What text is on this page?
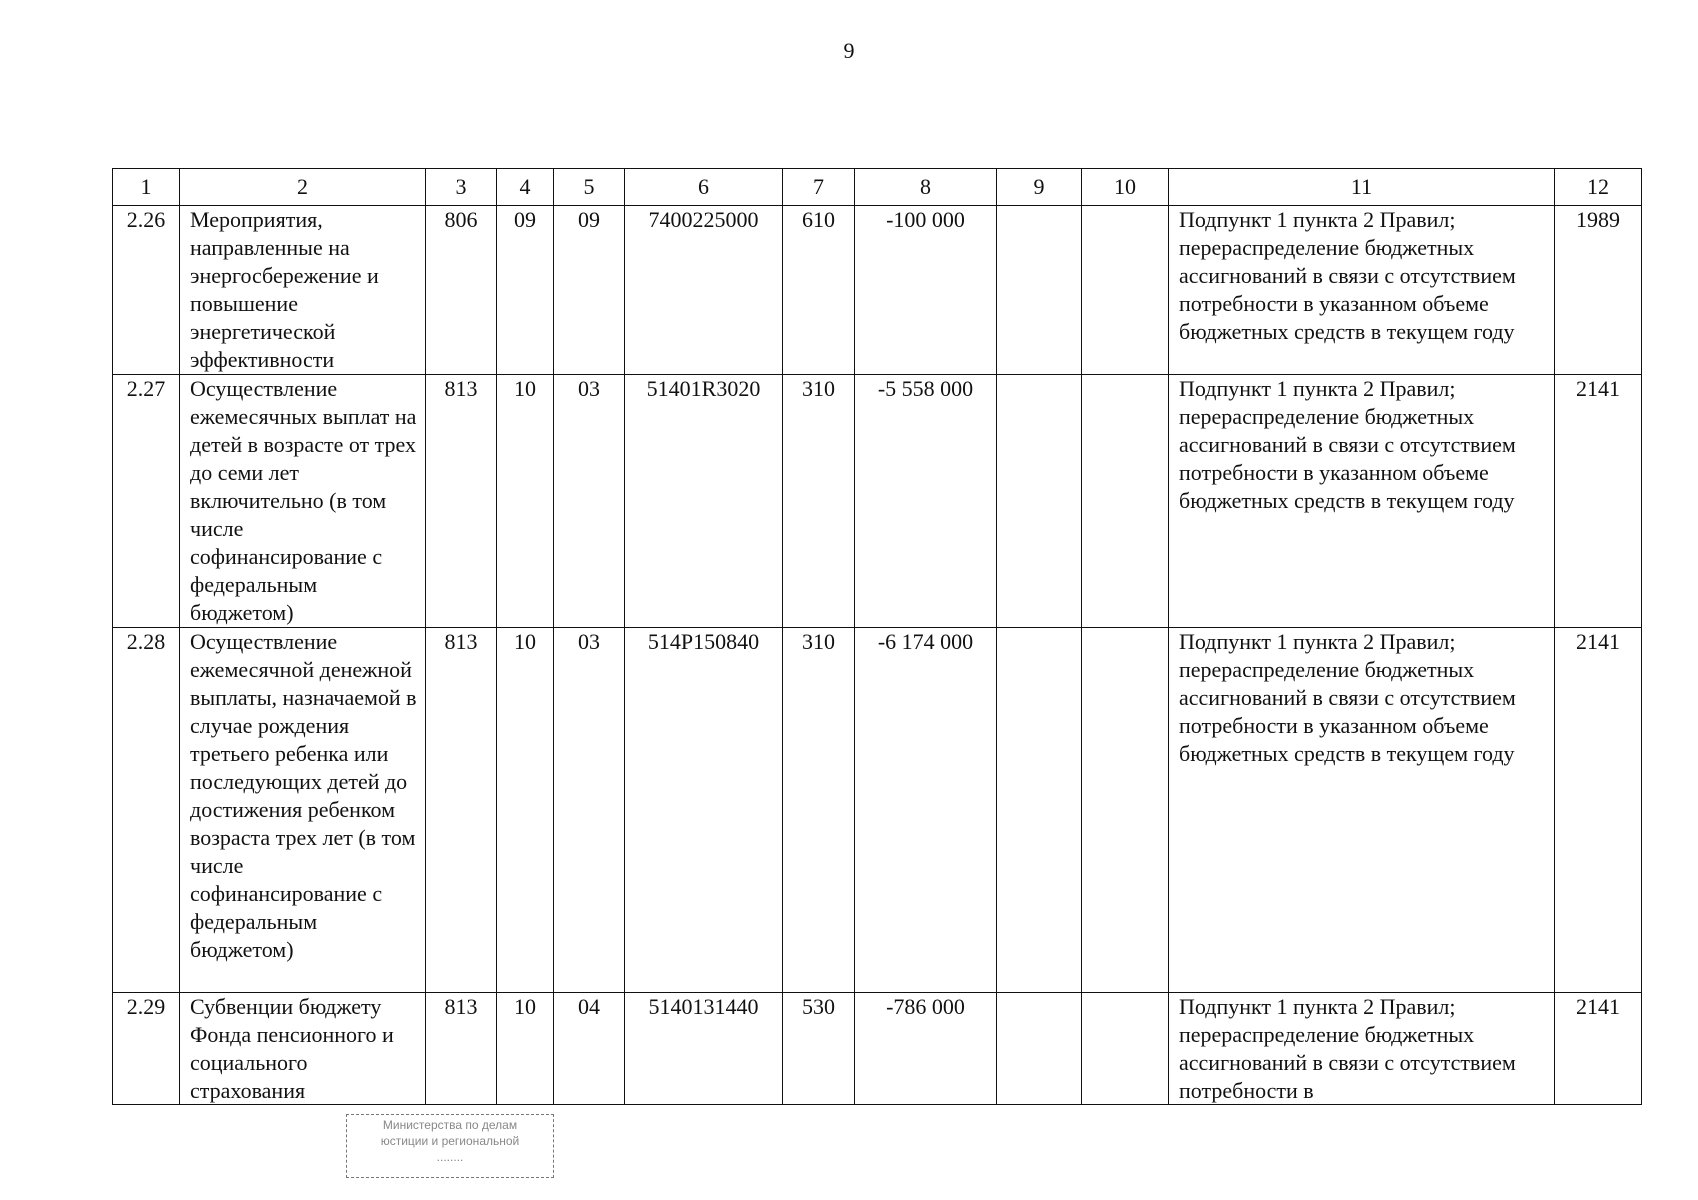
9
1	2	3	4	5	6	7	8	9	10	11	12
2.26	Мероприятия, направленные на энергосбережение и повышение энергетической эффективности	806	09	09	7400225000	610	-100 000			Подпункт 1 пункта 2 Правил; перераспределение бюджетных ассигнований в связи с отсутствием потребности в указанном объеме бюджетных средств в текущем году	1989
2.27	Осуществление ежемесячных выплат на детей в возрасте от трех до семи лет включительно (в том числе софинансирование с федеральным бюджетом)	813	10	03	51401R3020	310	-5 558 000			Подпункт 1 пункта 2 Правил; перераспределение бюджетных ассигнований в связи с отсутствием потребности в указанном объеме бюджетных средств в текущем году	2141
2.28	Осуществление ежемесячной денежной выплаты, назначаемой в случае рождения третьего ребенка или последующих детей до достижения ребенком возраста трех лет (в том числе софинансирование с федеральным бюджетом)	813	10	03	514P150840	310	-6 174 000			Подпункт 1 пункта 2 Правил; перераспределение бюджетных ассигнований в связи с отсутствием потребности в указанном объеме бюджетных средств в текущем году	2141
2.29	Субвенции бюджету Фонда пенсионного и социального страхования	813	10	04	5140131440	530	-786 000			Подпункт 1 пункта 2 Правил; перераспределение бюджетных ассигнований в связи с отсутствием потребности в	2141
Министерства по делам
юстиции и региональной
........
